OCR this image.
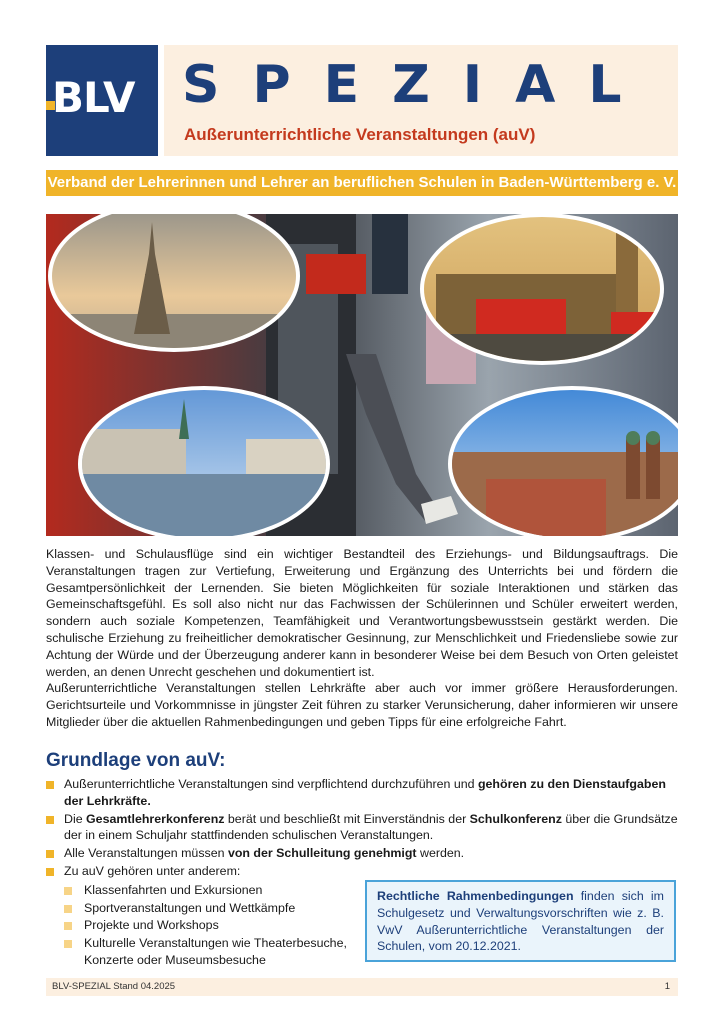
BLV SPEZIAL
Außerunterrichtliche Veranstaltungen (auV)
Verband der Lehrerinnen und Lehrer an beruflichen Schulen in Baden-Württemberg e. V.

Klassen- und Schulausflüge sind ein wichtiger Bestandteil des Erziehungs- und Bildungsauftrags. Die Veranstaltungen tragen zur Vertiefung, Erweiterung und Ergänzung des Unterrichts bei und fördern die Gesamtpersönlichkeit der Lernenden. Sie bieten Möglichkeiten für soziale Interaktionen und stärken das Gemeinschaftsgefühl. Es soll also nicht nur das Fachwissen der Schülerinnen und Schüler erweitert werden, sondern auch soziale Kompetenzen, Teamfähigkeit und Verantwortungsbewusstsein gestärkt werden. Die schulische Erziehung zu freiheitlicher demokratischer Gesinnung, zur Menschlichkeit und Friedensliebe sowie zur Achtung der Würde und der Überzeugung anderer kann in besonderer Weise bei dem Besuch von Orten geleistet werden, an denen Unrecht geschehen und dokumentiert ist.

Außerunterrichtliche Veranstaltungen stellen Lehrkräfte aber auch vor immer größere Herausforderungen. Gerichtsurteile und Vorkommnisse in jüngster Zeit führen zu starker Verunsicherung, daher informieren wir unsere Mitglieder über die aktuellen Rahmenbedingungen und geben Tipps für eine erfolgreiche Fahrt.

Grundlage von auV:
Außerunterrichtliche Veranstaltungen sind verpflichtend durchzuführen und gehören zu den Dienstaufgaben der Lehrkräfte.
Die Gesamtlehrerkonferenz berät und beschließt mit Einverständnis der Schulkonferenz über die Grundsätze der in einem Schuljahr stattfindenden schulischen Veranstaltungen.
Alle Veranstaltungen müssen von der Schulleitung genehmigt werden.
Zu auV gehören unter anderem:
Klassenfahrten und Exkursionen
Sportveranstaltungen und Wettkämpfe
Projekte und Workshops
Kulturelle Veranstaltungen wie Theaterbesuche, Konzerte oder Museumsbesuche
Rechtliche Rahmenbedingungen finden sich im Schulgesetz und Verwaltungsvorschriften wie z. B. VwV Außerunterrichtliche Veranstaltungen der Schulen, vom 20.12.2021.
BLV-SPEZIAL Stand 04.2025	1
